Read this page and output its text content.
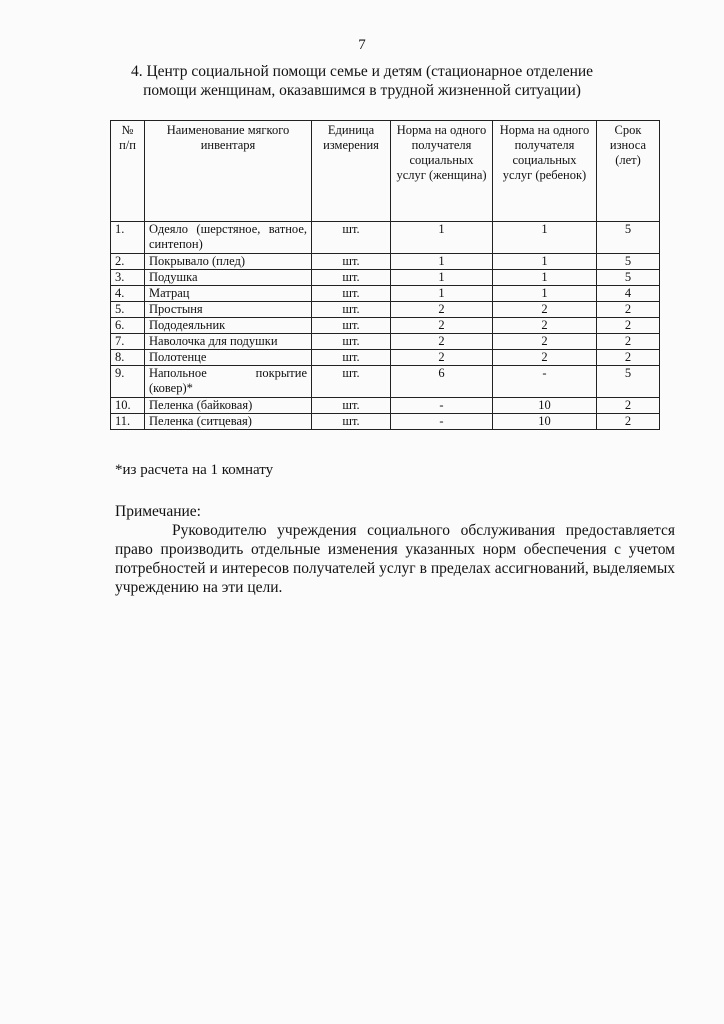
7
4. Центр социальной помощи семье и детям (стационарное отделение
помощи женщинам, оказавшимся в трудной жизненной ситуации)
№ п/п	Наименование мягкого инвентаря	Единица измерения	Норма на одного получателя социальных услуг (женщина)	Норма на одного получателя социальных услуг (ребенок)	Срок износа (лет)
1.	Одеяло (шерстяное, ватное, синтепон)	шт.	1	1	5
2.	Покрывало (плед)	шт.	1	1	5
3.	Подушка	шт.	1	1	5
4.	Матрац	шт.	1	1	4
5.	Простыня	шт.	2	2	2
6.	Пододеяльник	шт.	2	2	2
7.	Наволочка для подушки	шт.	2	2	2
8.	Полотенце	шт.	2	2	2
9.	Напольное покрытие (ковер)*	шт.	6	-	5
10.	Пеленка (байковая)	шт.	-	10	2
11.	Пеленка (ситцевая)	шт.	-	10	2
*из расчета на 1 комнату
Примечание:
Руководителю учреждения социального обслуживания предоставляется право производить отдельные изменения указанных норм обеспечения с учетом потребностей и интересов получателей услуг в пределах ассигнований, выделяемых учреждению на эти цели.
